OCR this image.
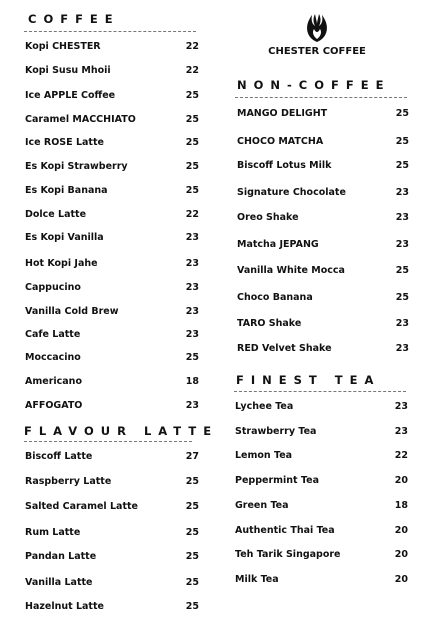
COFFEE
Kopi CHESTER	22
Kopi Susu Mhoii	22
Ice APPLE Coffee	25
Caramel MACCHIATO	25
Ice ROSE Latte	25
Es Kopi Strawberry	25
Es Kopi Banana	25
Dolce Latte	22
Es Kopi Vanilla	23
Hot Kopi Jahe	23
Cappucino	23
Vanilla Cold Brew	23
Cafe Latte	23
Moccacino	25
Americano	18
AFFOGATO	23
FLAVOUR LATTE
Biscoff Latte	27
Raspberry Latte	25
Salted Caramel Latte	25
Rum Latte	25
Pandan Latte	25
Vanilla Latte	25
Hazelnut Latte	25
CHESTER COFFEE
NON-COFFEE
MANGO DELIGHT	25
CHOCO MATCHA	25
Biscoff Lotus Milk	25
Signature Chocolate	23
Oreo Shake	23
Matcha JEPANG	23
Vanilla White Mocca	25
Choco Banana	25
TARO Shake	23
RED Velvet Shake	23
FINEST TEA
Lychee Tea	23
Strawberry Tea	23
Lemon Tea	22
Peppermint Tea	20
Green Tea	18
Authentic Thai Tea	20
Teh Tarik Singapore	20
Milk Tea	20
